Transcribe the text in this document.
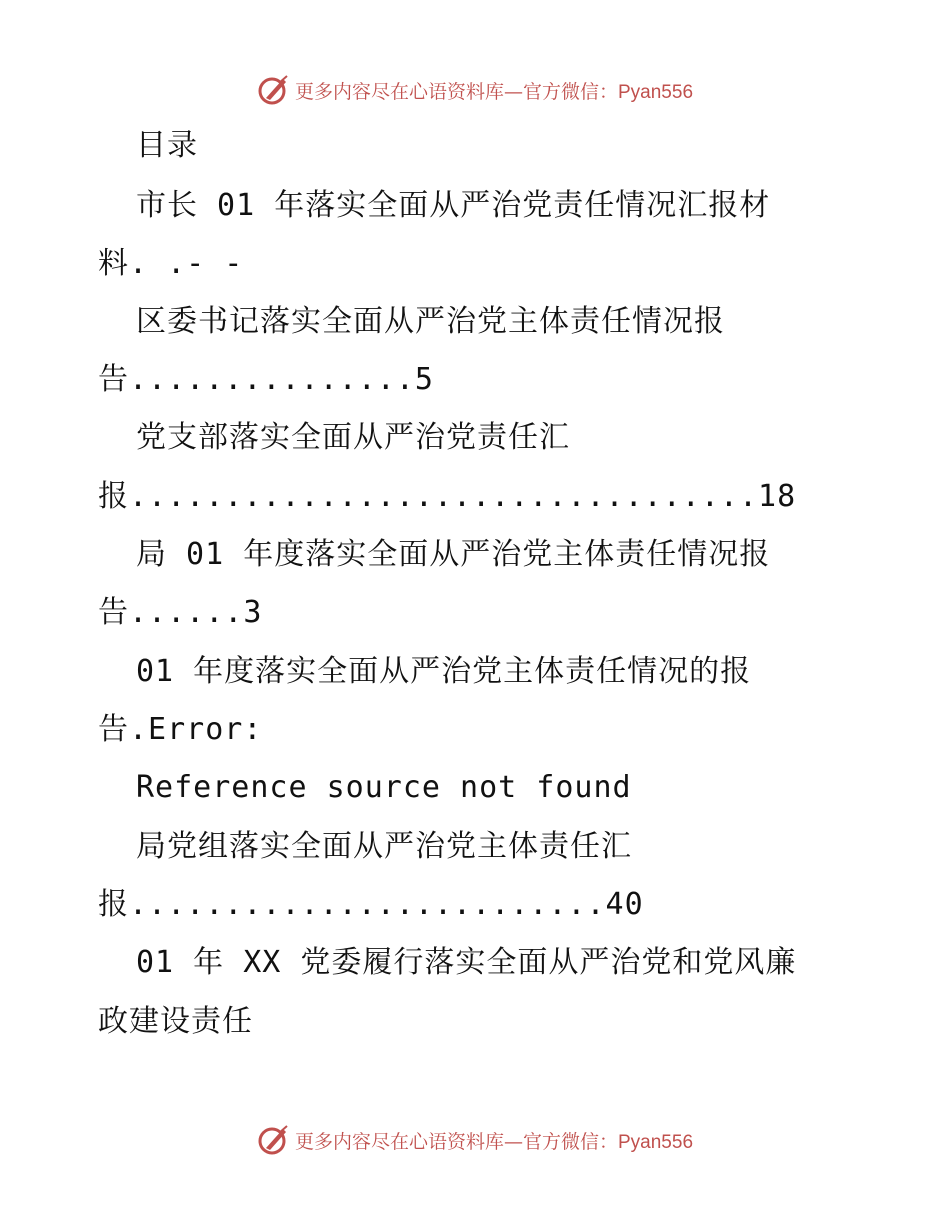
更多内容尽在心语资料库—官方微信：Pyan556
目录
市长 01 年落实全面从严治党责任情况汇报材
料. .- -
区委书记落实全面从严治党主体责任情况报
告...............5
党支部落实全面从严治党责任汇
报.................................18
局 01 年度落实全面从严治党主体责任情况报
告......3
01 年度落实全面从严治党主体责任情况的报
告.Error:
Reference source not found
局党组落实全面从严治党主体责任汇
报.........................40
01 年 XX 党委履行落实全面从严治党和党风廉
政建设责任
更多内容尽在心语资料库—官方微信：Pyan556
